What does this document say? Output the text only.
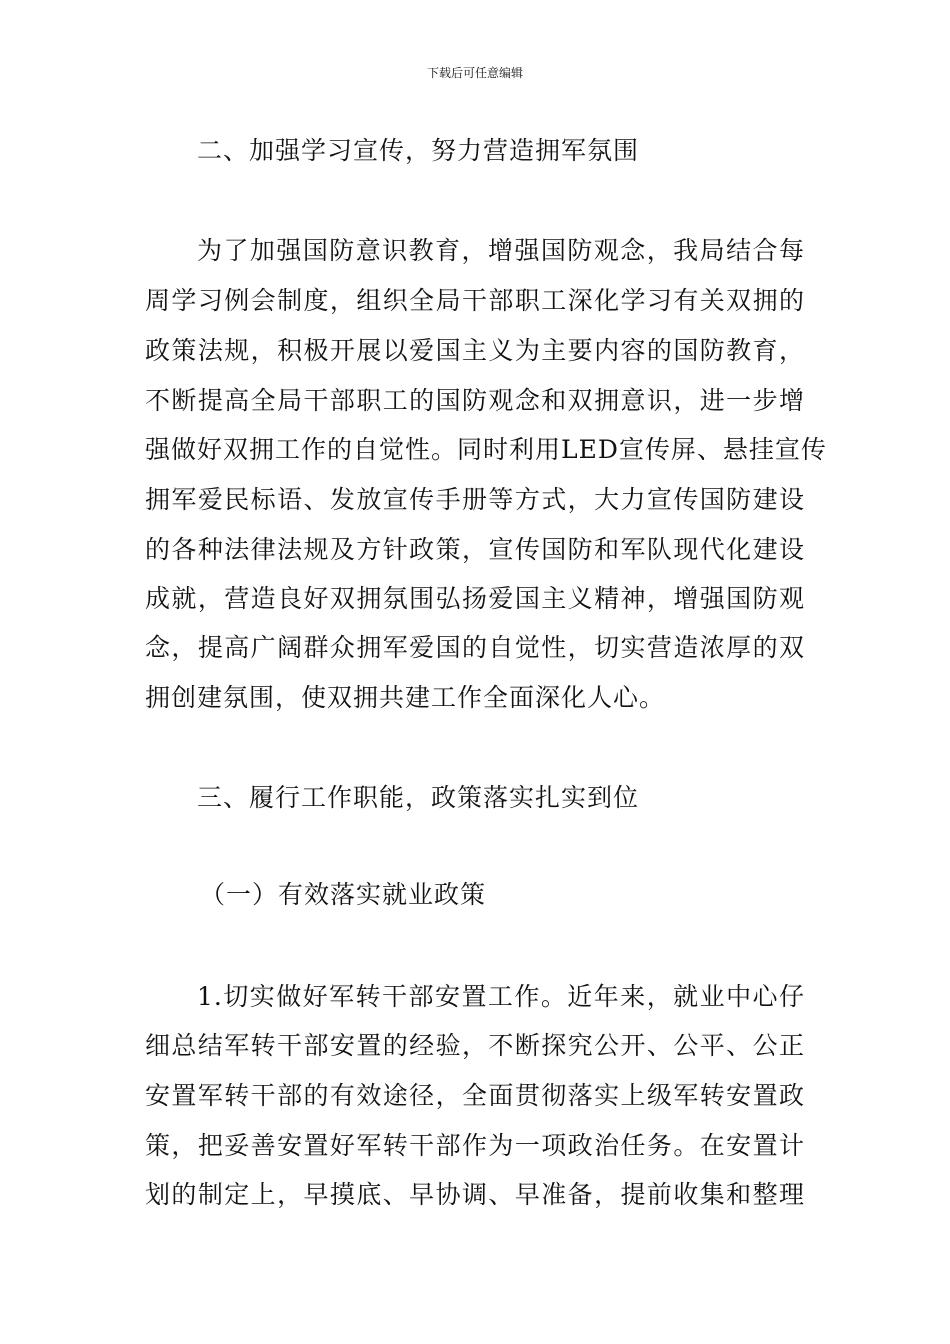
下载后可任意编辑
二、加强学习宣传，努力营造拥军氛围
为了加强国防意识教育，增强国防观念，我局结合每
周学习例会制度，组织全局干部职工深化学习有关双拥的
政策法规，积极开展以爱国主义为主要内容的国防教育，
不断提高全局干部职工的国防观念和双拥意识，进一步增
强做好双拥工作的自觉性。同时利用LED宣传屏、悬挂宣传
拥军爱民标语、发放宣传手册等方式，大力宣传国防建设
的各种法律法规及方针政策，宣传国防和军队现代化建设
成就，营造良好双拥氛围弘扬爱国主义精神，增强国防观
念，提高广阔群众拥军爱国的自觉性，切实营造浓厚的双
拥创建氛围，使双拥共建工作全面深化人心。
三、履行工作职能，政策落实扎实到位
（一）有效落实就业政策
1.切实做好军转干部安置工作。近年来，就业中心仔
细总结军转干部安置的经验，不断探究公开、公平、公正
安置军转干部的有效途径，全面贯彻落实上级军转安置政
策，把妥善安置好军转干部作为一项政治任务。在安置计
划的制定上，早摸底、早协调、早准备，提前收集和整理
